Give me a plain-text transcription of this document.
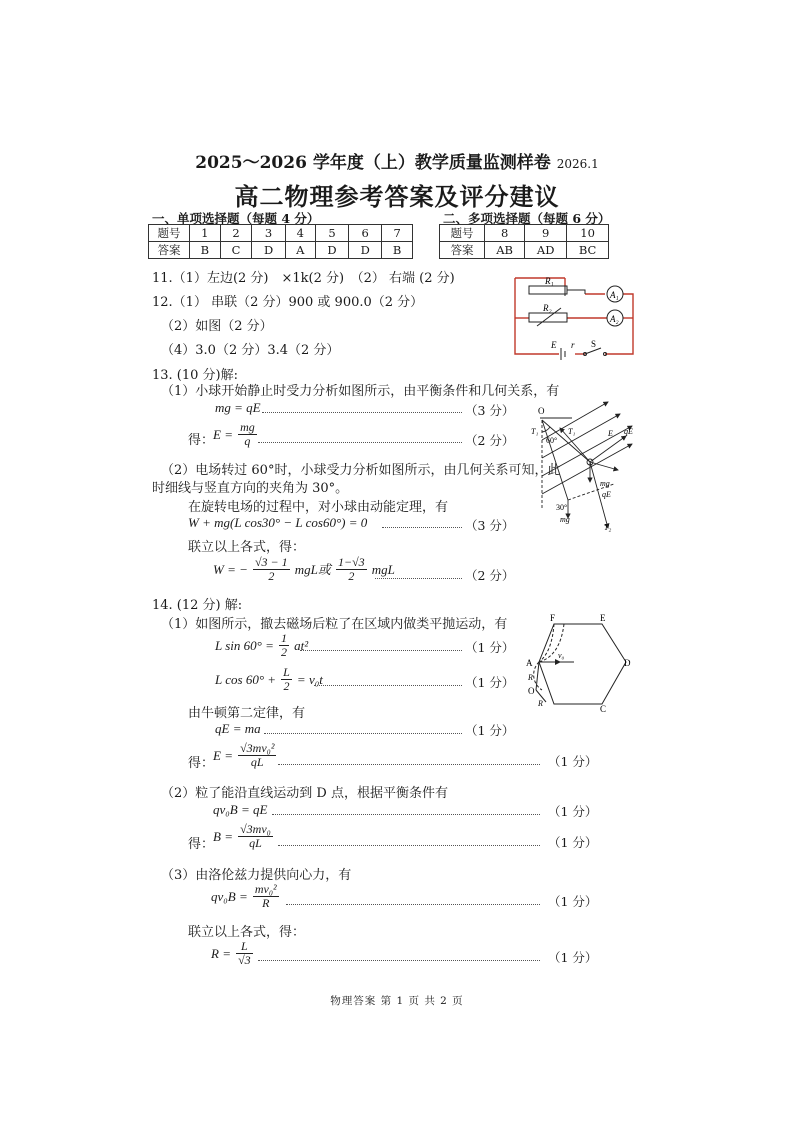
2025～2026 学年度（上）教学质量监测样卷 2026.1
高二物理参考答案及评分建议
一、单项选择题（每题 4 分）	二、多项选择题（每题 6 分）
题号	1	2	3	4	5	6	7
答案	B	C	D	A	D	D	B
题号	8	9	10
答案	AB	AD	BC
11.（1）左边(2 分)　×1k(2 分)　（2） 右端 (2 分)
12.（1） 串联（2 分）900 或 900.0（2 分）
（2）如图（2 分）
（4）3.0（2 分）3.4（2 分）
R₁
R₂
A₁
A₂
E r S
13. (10 分)解:
（1）小球开始静止时受力分析如图所示，由平衡条件和几何关系，有
mg = qE	（3 分）
得：
$E = \frac{mg}{q}$	（2 分）
（2）电场转过 60°时，小球受力分析如图所示，由几何关系可知，此
时细线与竖直方向的夹角为 30°。
在旋转电场的过程中，对小球由动能定理，有
W + mg(L cos30° − L cos60°) = 0	（3 分）
联立以上各式，得：
W = − $\frac{√3 - 1}{2}$ mgL或 $\frac{1-√3}{2}$ mgL	（2 分）
O
T₁	T₁
60°
E qE
mg
qE
30°
mg
T₂
14. (12 分) 解:
（1）如图所示，撤去磁场后粒了在区域内做类平抛运动，有
L $\sin 60^\circ = \frac{1}{2} at^2$	（1 分）
L $\cos 60^\circ + \frac{L}{2} = v_0t$	（1 分）
由牛顿第二定律，有
qE = ma	（1 分）
得：
$E = \frac{\text{√3mv₀²}}{qL}$	（1 分）
（2）粒了能沿直线运动到 D 点，根据平衡条件有
qv₀B = qE	（1 分）
得：
$B = \frac{\text{√3mv₀}}{qL}$	（1 分）
（3）由洛伦兹力提供向心力，有
$qv_0B = \frac{\text{mv₀²}}{R}$	（1 分）
联立以上各式，得：
$R = \frac{L}{√3}$	（1 分）
F	E
A	D
O
C
R
R
v₀
物理答案 第 1 页 共 2 页
